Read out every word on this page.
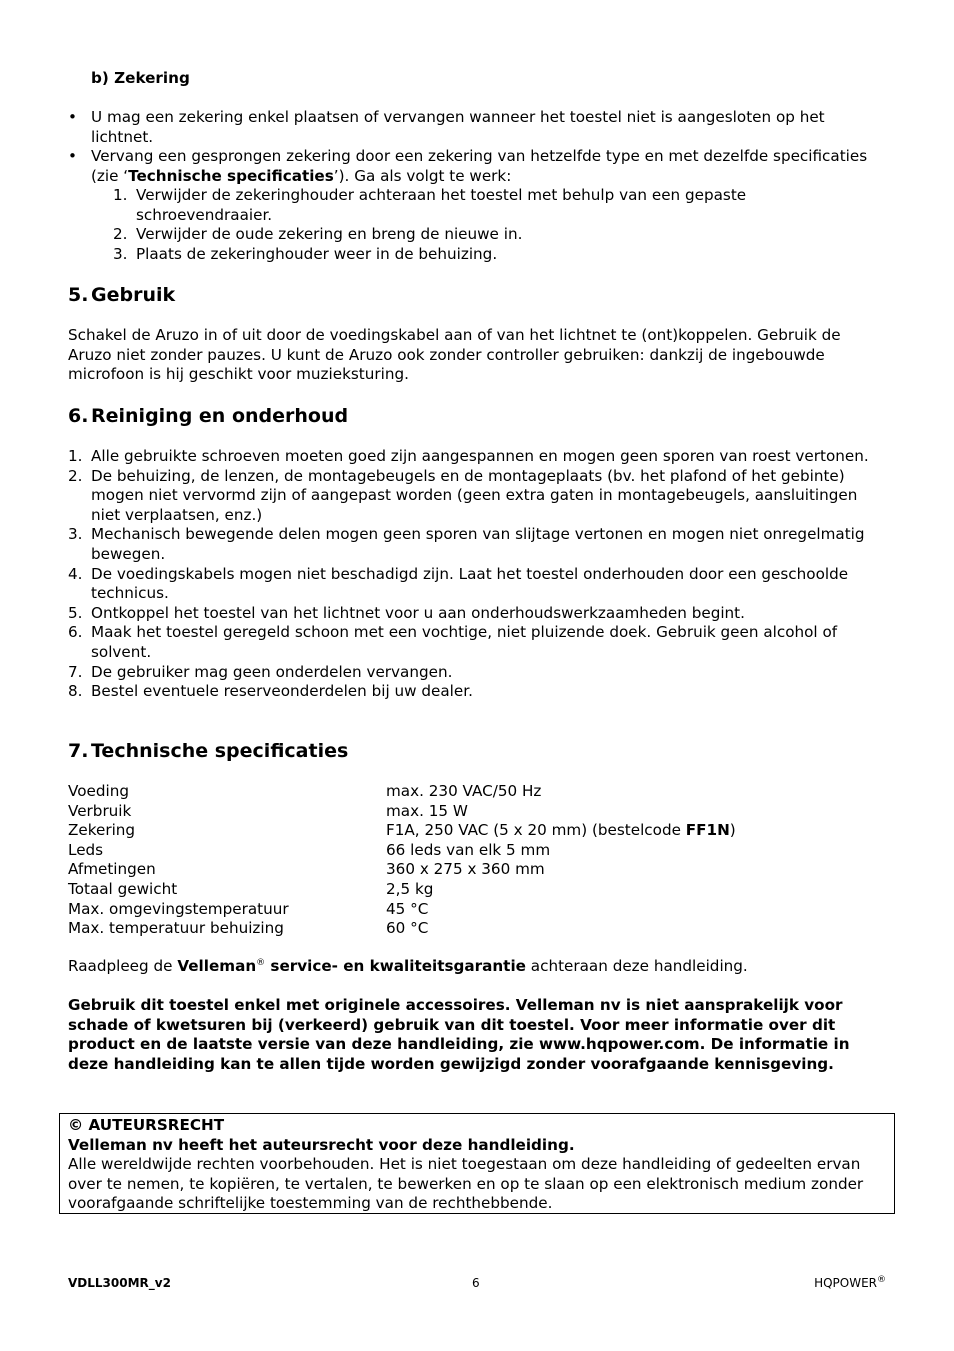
b) Zekering
• U mag een zekering enkel plaatsen of vervangen wanneer het toestel niet is aangesloten op het lichtnet.
• Vervang een gesprongen zekering door een zekering van hetzelfde type en met dezelfde specificaties (zie ‘Technische specificaties’). Ga als volgt te werk:
1. Verwijder de zekeringhouder achteraan het toestel met behulp van een gepaste schroevendraaier.
2. Verwijder de oude zekering en breng de nieuwe in.
3. Plaats de zekeringhouder weer in de behuizing.
5. Gebruik

Schakel de Aruzo in of uit door de voedingskabel aan of van het lichtnet te (ont)koppelen. Gebruik de Aruzo niet zonder pauzes. U kunt de Aruzo ook zonder controller gebruiken: dankzij de ingebouwde microfoon is hij geschikt voor muzieksturing.

6. Reiniging en onderhoud
1. Alle gebruikte schroeven moeten goed zijn aangespannen en mogen geen sporen van roest vertonen.
2. De behuizing, de lenzen, de montagebeugels en de montageplaats (bv. het plafond of het gebinte) mogen niet vervormd zijn of aangepast worden (geen extra gaten in montagebeugels, aansluitingen niet verplaatsen, enz.)
3. Mechanisch bewegende delen mogen geen sporen van slijtage vertonen en mogen niet onregelmatig bewegen.
4. De voedingskabels mogen niet beschadigd zijn. Laat het toestel onderhouden door een geschoolde technicus.
5. Ontkoppel het toestel van het lichtnet voor u aan onderhoudswerkzaamheden begint.
6. Maak het toestel geregeld schoon met een vochtige, niet pluizende doek. Gebruik geen alcohol of solvent.
7. De gebruiker mag geen onderdelen vervangen.
8. Bestel eventuele reserveonderdelen bij uw dealer.
7. Technische specificaties
Voeding	max. 230 VAC/50 Hz
Verbruik	max. 15 W
Zekering	F1A, 250 VAC (5 x 20 mm) (bestelcode FF1N)
Leds	66 leds van elk 5 mm
Afmetingen	360 x 275 x 360 mm
Totaal gewicht	2,5 kg
Max. omgevingstemperatuur	45 °C
Max. temperatuur behuizing	60 °C

Raadpleeg de Velleman® service- en kwaliteitsgarantie achteraan deze handleiding.

Gebruik dit toestel enkel met originele accessoires. Velleman nv is niet aansprakelijk voor schade of kwetsuren bij (verkeerd) gebruik van dit toestel. Voor meer informatie over dit product en de laatste versie van deze handleiding, zie www.hqpower.com. De informatie in deze handleiding kan te allen tijde worden gewijzigd zonder voorafgaande kennisgeving.

© AUTEURSRECHT
Velleman nv heeft het auteursrecht voor deze handleiding.
Alle wereldwijde rechten voorbehouden. Het is niet toegestaan om deze handleiding of gedeelten ervan over te nemen, te kopiëren, te vertalen, te bewerken en op te slaan op een elektronisch medium zonder voorafgaande schriftelijke toestemming van de rechthebbende.
VDLL300MR_v2	6	HQPOWER®
